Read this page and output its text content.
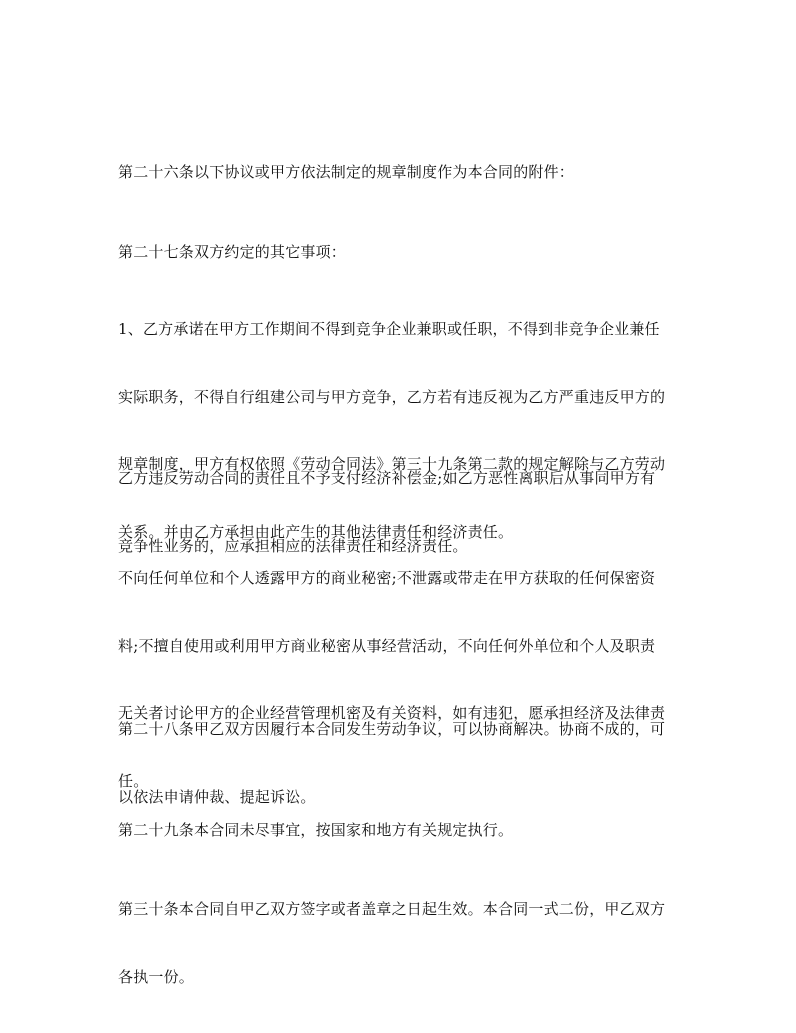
第二十六条以下协议或甲方依法制定的规章制度作为本合同的附件：

第二十七条双方约定的其它事项：

1、乙方承诺在甲方工作期间不得到竞争企业兼职或任职，不得到非竞争企业兼任

实际职务，不得自行组建公司与甲方竞争，乙方若有违反视为乙方严重违反甲方的

规章制度，甲方有权依照《劳动合同法》第三十九条第二款的规定解除与乙方劳动

关系。并由乙方承担由此产生的其他法律责任和经济责任。

乙方违反劳动合同的责任且不予支付经济补偿金;如乙方恶性离职后从事同甲方有

竞争性业务的，应承担相应的法律责任和经济责任。

不向任何单位和个人透露甲方的商业秘密;不泄露或带走在甲方获取的任何保密资

料;不擅自使用或利用甲方商业秘密从事经营活动，不向任何外单位和个人及职责

无关者讨论甲方的企业经营管理机密及有关资料，如有违犯，愿承担经济及法律责

任。

第二十八条甲乙双方因履行本合同发生劳动争议，可以协商解决。协商不成的，可

以依法申请仲裁、提起诉讼。

第二十九条本合同未尽事宜，按国家和地方有关规定执行。

第三十条本合同自甲乙双方签字或者盖章之日起生效。本合同一式二份，甲乙双方

各执一份。
